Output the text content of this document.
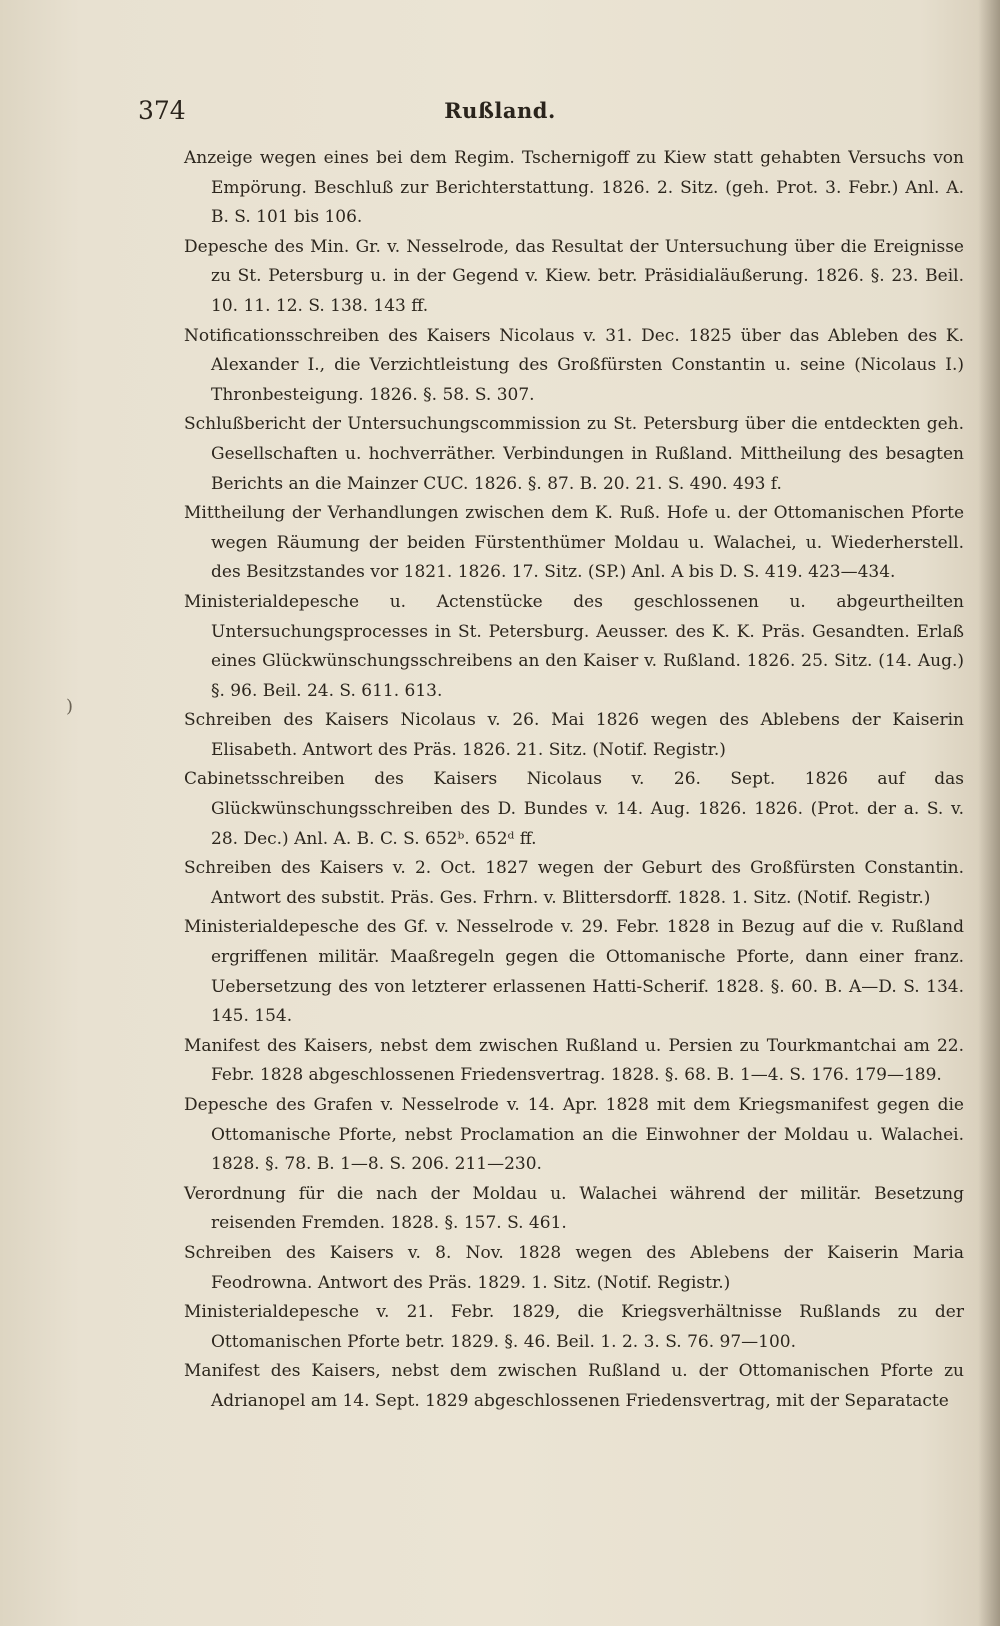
374	Rußland.
)
Anzeige wegen eines bei dem Regim. Tschernigoff zu Kiew statt gehabten Versuchs von Empörung. Beschluß zur Berichterstattung. 1826. 2. Sitz. (geh. Prot. 3. Febr.) Anl. A. B. S. 101 bis 106.
Depesche des Min. Gr. v. Nesselrode, das Resultat der Untersuchung über die Ereignisse zu St. Petersburg u. in der Gegend v. Kiew. betr. Präsidialäußerung. 1826. §. 23. Beil. 10. 11. 12. S. 138. 143 ff.
Notificationsschreiben des Kaisers Nicolaus v. 31. Dec. 1825 über das Ableben des K. Alexander I., die Verzichtleistung des Großfürsten Constantin u. seine (Nicolaus I.) Thronbesteigung. 1826. §. 58. S. 307.
Schlußbericht der Untersuchungscommission zu St. Petersburg über die entdeckten geh. Gesellschaften u. hochverräther. Verbindungen in Rußland. Mittheilung des besagten Berichts an die Mainzer CUC. 1826. §. 87. B. 20. 21. S. 490. 493 f.
Mittheilung der Verhandlungen zwischen dem K. Ruß. Hofe u. der Ottomanischen Pforte wegen Räumung der beiden Fürstenthümer Moldau u. Walachei, u. Wiederherstell. des Besitzstandes vor 1821. 1826. 17. Sitz. (SP.) Anl. A bis D. S. 419. 423—434.
Ministerialdepesche u. Actenstücke des geschlossenen u. abgeurtheilten Untersuchungsprocesses in St. Petersburg. Aeusser. des K. K. Präs. Gesandten. Erlaß eines Glückwünschungsschreibens an den Kaiser v. Rußland. 1826. 25. Sitz. (14. Aug.) §. 96. Beil. 24. S. 611. 613.
Schreiben des Kaisers Nicolaus v. 26. Mai 1826 wegen des Ablebens der Kaiserin Elisabeth. Antwort des Präs. 1826. 21. Sitz. (Notif. Registr.)
Cabinetsschreiben des Kaisers Nicolaus v. 26. Sept. 1826 auf das Glückwünschungsschreiben des D. Bundes v. 14. Aug. 1826. 1826. (Prot. der a. S. v. 28. Dec.) Anl. A. B. C. S. 652ᵇ. 652ᵈ ff.
Schreiben des Kaisers v. 2. Oct. 1827 wegen der Geburt des Großfürsten Constantin. Antwort des substit. Präs. Ges. Frhrn. v. Blittersdorff. 1828. 1. Sitz. (Notif. Registr.)
Ministerialdepesche des Gf. v. Nesselrode v. 29. Febr. 1828 in Bezug auf die v. Rußland ergriffenen militär. Maaßregeln gegen die Ottomanische Pforte, dann einer franz. Uebersetzung des von letzterer erlassenen Hatti-Scherif. 1828. §. 60. B. A—D. S. 134. 145. 154.
Manifest des Kaisers, nebst dem zwischen Rußland u. Persien zu Tourkmantchai am 22. Febr. 1828 abgeschlossenen Friedensvertrag. 1828. §. 68. B. 1—4. S. 176. 179—189.
Depesche des Grafen v. Nesselrode v. 14. Apr. 1828 mit dem Kriegsmanifest gegen die Ottomanische Pforte, nebst Proclamation an die Einwohner der Moldau u. Walachei. 1828. §. 78. B. 1—8. S. 206. 211—230.
Verordnung für die nach der Moldau u. Walachei während der militär. Besetzung reisenden Fremden. 1828. §. 157. S. 461.
Schreiben des Kaisers v. 8. Nov. 1828 wegen des Ablebens der Kaiserin Maria Feodrowna. Antwort des Präs. 1829. 1. Sitz. (Notif. Registr.)
Ministerialdepesche v. 21. Febr. 1829, die Kriegsverhältnisse Rußlands zu der Ottomanischen Pforte betr. 1829. §. 46. Beil. 1. 2. 3. S. 76. 97—100.
Manifest des Kaisers, nebst dem zwischen Rußland u. der Ottomanischen Pforte zu Adrianopel am 14. Sept. 1829 abgeschlossenen Friedensvertrag, mit der Separatacte
